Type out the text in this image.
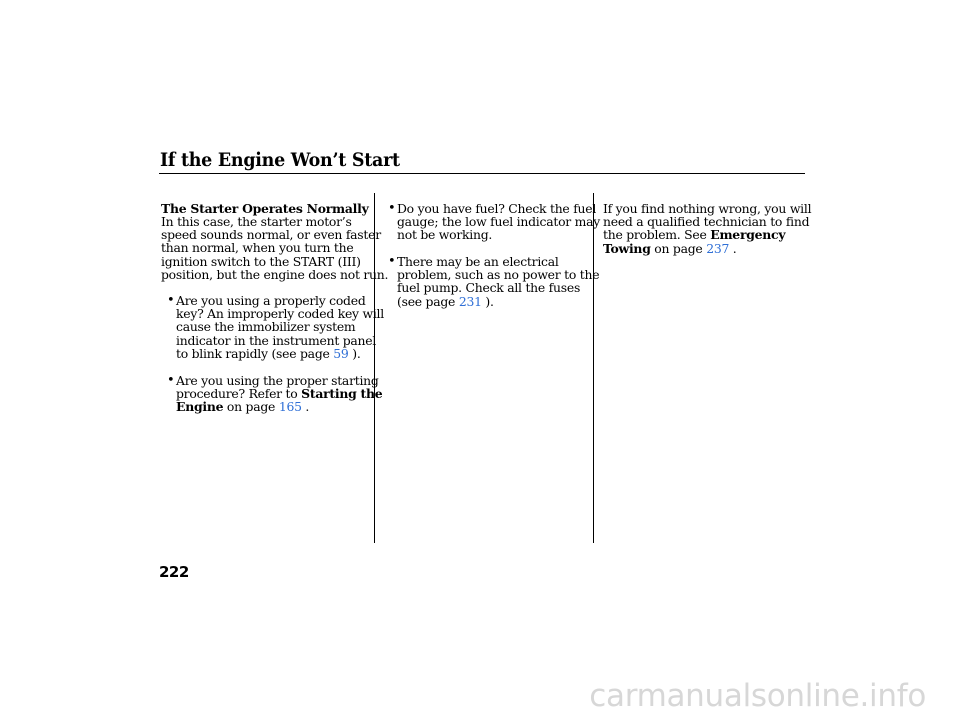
If the Engine Won’t Start
The Starter Operates Normally
In this case, the starter motor’s
speed sounds normal, or even faster
than normal, when you turn the
ignition switch to the START (III)
position, but the engine does not run.
• Are you using a properly coded
key? An improperly coded key will
cause the immobilizer system
indicator in the instrument panel
to blink rapidly (see page 59 ).
• Are you using the proper starting
procedure? Refer to Starting the
Engine on page 165 .
• Do you have fuel? Check the fuel
gauge; the low fuel indicator may
not be working.
• There may be an electrical
problem, such as no power to the
fuel pump. Check all the fuses
(see page 231 ).
If you find nothing wrong, you will
need a qualified technician to find
the problem. See Emergency
Towing on page 237 .
222
carmanualsonline.info
